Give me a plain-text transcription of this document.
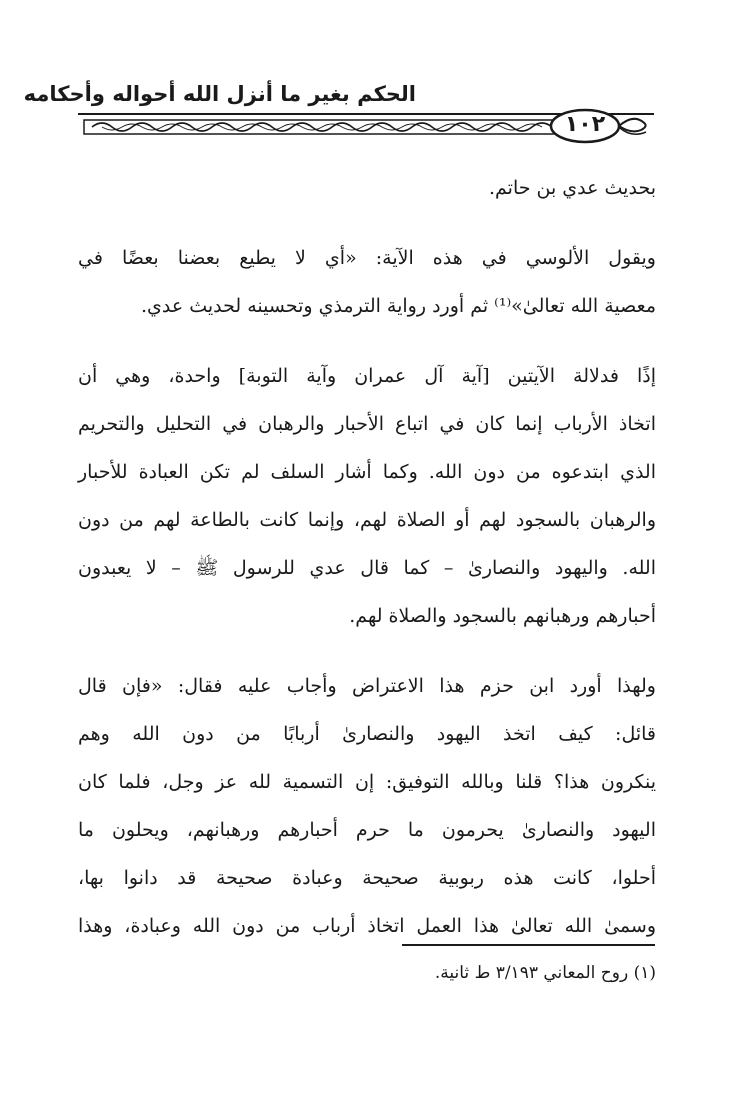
الحكم بغير ما أنزل الله أحواله وأحكامه
١٠٢
بحديث عدي بن حاتم.
ويقول الألوسي في هذه الآية: «أي لا يطيع بعضنا بعضًا في
معصية الله تعالىٰ»⁽¹⁾ ثم أورد رواية الترمذي وتحسينه لحديث عدي.
إذًا فدلالة الآيتين [آية آل عمران وآية التوبة] واحدة، وهي أن
اتخاذ الأرباب إنما كان في اتباع الأحبار والرهبان في التحليل والتحريم
الذي ابتدعوه من دون الله. وكما أشار السلف لم تكن العبادة للأحبار
والرهبان بالسجود لهم أو الصلاة لهم، وإنما كانت بالطاعة لهم من دون
الله. واليهود والنصارىٰ – كما قال عدي للرسول ﷺ – لا يعبدون
أحبارهم ورهبانهم بالسجود والصلاة لهم.
ولهذا أورد ابن حزم هذا الاعتراض وأجاب عليه فقال: «فإن قال
قائل: كيف اتخذ اليهود والنصارىٰ أربابًا من دون الله وهم
ينكرون هذا؟ قلنا وبالله التوفيق: إن التسمية لله عز وجل، فلما كان
اليهود والنصارىٰ يحرمون ما حرم أحبارهم ورهبانهم، ويحلون ما
أحلوا، كانت هذه ربوبية صحيحة وعبادة صحيحة قد دانوا بها،
وسمىٰ الله تعالىٰ هذا العمل اتخاذ أرباب من دون الله وعبادة، وهذا
(١) روح المعاني ٣/١٩٣ ط ثانية.
